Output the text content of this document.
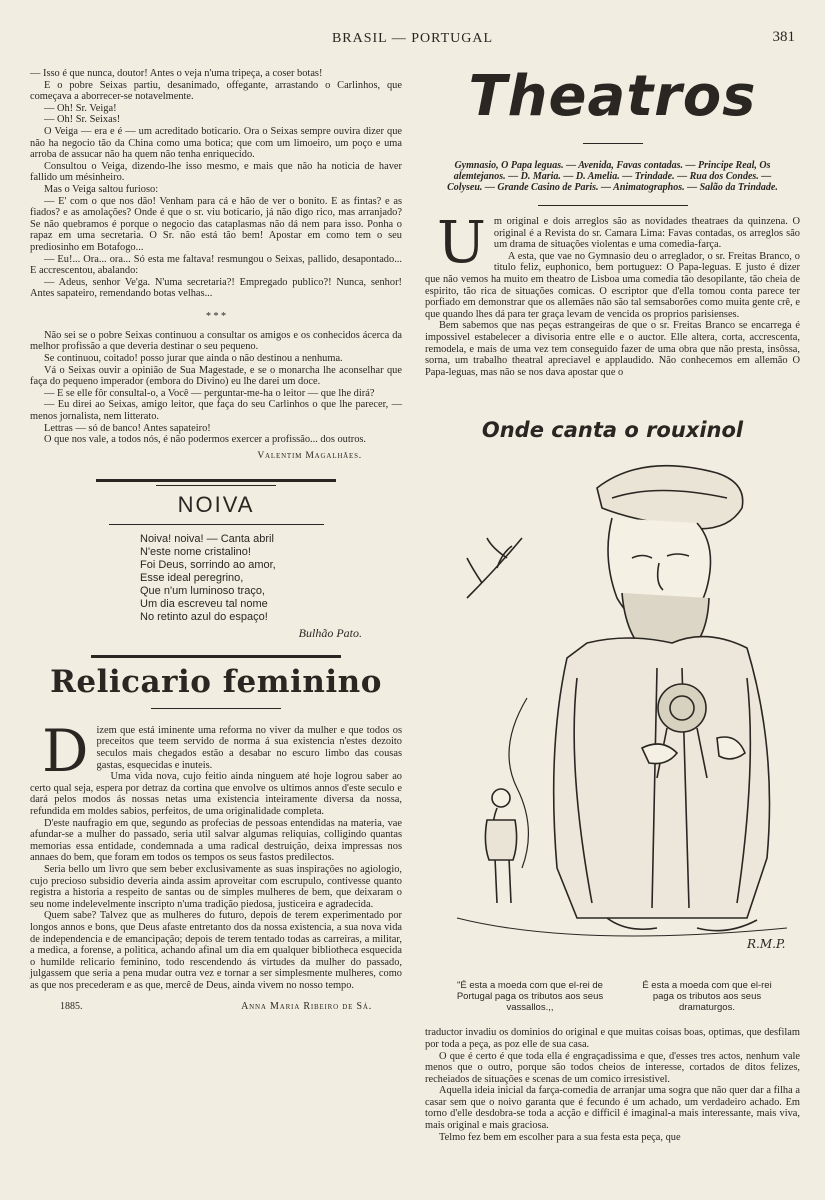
BRASIL — PORTUGAL	381

— Isso é que nunca, doutor! Antes o veja n'uma tripeça, a coser botas!

E o pobre Seixas partiu, desanimado, offegante, arrastando o Carlinhos, que começava a aborrecer-se notavelmente.

— Oh! Sr. Veiga!

— Oh! Sr. Seixas!

O Veiga — era e é — um acreditado boticario. Ora o Seixas sempre ouvira dizer que não ha negocio tão da China como uma botica; que com um limoeiro, um poço e uma arroba de assucar não ha quem não tenha enriquecido.

Consultou o Veiga, dizendo-lhe isso mesmo, e mais que não ha noticia de haver fallido um mésinheiro.

Mas o Veiga saltou furioso:

— E' com o que nos dão! Venham para cá e hão de ver o bonito. E as fintas? e as fiados? e as amolações? Onde é que o sr. viu boticario, já não digo rico, mas arranjado? Se não quebramos é porque o negocio das cataplasmas não dá nem para isso. Ponha o rapaz em uma secretaria. O Sr. não está tão bem! Apostar em como tem o seu prediosinho em Botafogo...

— Eu!... Ora... ora... Só esta me faltava! resmungou o Seixas, pallido, desapontado... E accrescentou, abalando:

— Adeus, senhor Ve'ga. N'uma secretaria?! Empregado publico?! Nunca, senhor! Antes sapateiro, remendando botas velhas...

* * *

Não sei se o pobre Seixas continuou a consultar os amigos e os conhecidos ácerca da melhor profissão a que deveria destinar o seu pequeno.

Se continuou, coitado! posso jurar que ainda o não destinou a nenhuma.

Vá o Seixas ouvir a opinião de Sua Magestade, e se o monarcha lhe aconselhar que faça do pequeno imperador (embora do Divino) eu lhe darei um doce.

— E se elle fôr consultal-o, a Você — perguntar-me-ha o leitor — que lhe dirá?

— Eu direi ao Seixas, amigo leitor, que faça do seu Carlinhos o que lhe parecer, — menos jornalista, nem litterato.

Lettras — só de banco! Antes sapateiro!

O que nos vale, a todos nós, é não podermos exercer a profissão... dos outros.

Valentim Magalhães.
NOIVA
Noiva! noiva! — Canta abril
N'este nome cristalino!
Foi Deus, sorrindo ao amor,
Esse ideal peregrino,
Que n'um luminoso traço,
Um dia escreveu tal nome
No retinto azul do espaço!
Bulhão Pato.
Relicario feminino
D izem que está iminente uma reforma no viver da mulher e que todos os preceitos que teem servido de norma á sua existencia n'estes dezoito seculos mais chegados estão a desabar no escuro limbo das cousas gastas, esquecidas e inuteis.

Uma vida nova, cujo feitio ainda ninguem até hoje logrou saber ao certo qual seja, espera por detraz da cortina que envolve os ultimos annos d'este seculo e dará pelos modos ás nossas netas uma existencia inteiramente diversa da nossa, refundida em moldes sabios, perfeitos, de uma originalidade completa.

D'este naufragio em que, segundo as profecias de pessoas entendidas na materia, vae afundar-se a mulher do passado, seria util salvar algumas reliquias, colligindo quantas memorias essa entidade, condemnada a uma radical destruição, deixa impressas nos annaes do bem, que foram em todos os tempos os seus fastos predilectos.

Seria bello um livro que sem beber exclusivamente as suas inspirações no agiologio, cujo precioso subsidio deveria ainda assim aproveitar com escrupulo, contivesse quanto registra a historia a respeito de santas ou de simples mulheres de bem, que deixaram o seu nome indelevelmente inscripto n'uma tradição piedosa, justiceira e agradecida.

Quem sabe? Talvez que as mulheres do futuro, depois de terem experimentado por longos annos e bons, que Deus afaste entretanto dos da nossa existencia, a sua nova vida de independencia e de emancipação; depois de terem tentado todas as carreiras, a militar, a medica, a forense, a politica, achando afinal um dia em qualquer bibliotheca esquecida o humilde relicario feminino, todo rescendendo ás virtudes da mulher do passado, julgassem que seria a pena mudar outra vez e tornar a ser simplesmente mulheres, como as que nos precederam e as que, mercê de Deus, ainda vivem no nosso tempo.

1885.	Anna Maria Ribeiro de Sá.
Theatros
Gymnasio, O Papa leguas. — Avenida, Favas contadas. — Principe Real, Os alemtejanos. — D. Maria. — D. Amelia. — Trindade. — Rua dos Condes. — Colyseu. — Grande Casino de Paris. — Animatographos. — Salão da Trindade.
U m original e dois arreglos são as novidades theatraes da quinzena. O original é a Revista do sr. Camara Lima: Favas contadas, os arreglos são um drama de situações violentas e uma comedia-farça.

A esta, que vae no Gymnasio deu o arreglador, o sr. Freitas Branco, o titulo feliz, euphonico, bem portuguez: O Papa-leguas. E justo é dizer que não vemos ha muito em theatro de Lisboa uma comedia tão desopilante, tão cheia de espirito, tão rica de situações comicas. O escriptor que d'ella tomou conta parece ter porfiado em demonstrar que os allemães não são tal semsaborões como muita gente crê, e que quando lhes dá para ter graça levam de vencida os proprios parisienses.

Bem sabemos que nas peças estrangeiras de que o sr. Freitas Branco se encarrega é impossivel estabelecer a divisoria entre elle e o auctor. Elle altera, corta, accrescenta, remodela, e mais de uma vez tem conseguido fazer de uma obra que não presta, insôssa, sorna, um trabalho theatral apreciavel e applaudido. Não conhecemos em allemão O Papa-leguas, mas não se nos dava apostar que o

Onde canta o rouxinol
R.M.P.
"É esta a moeda com que el-rei de Portugal paga os tributos aos seus vassallos.,,
É esta a moeda com que el-rei paga os tributos aos seus dramaturgos.

traductor invadiu os dominios do original e que muitas coisas boas, optimas, que desfilam por toda a peça, as poz elle de sua casa.

O que é certo é que toda ella é engraçadissima e que, d'esses tres actos, nenhum vale menos que o outro, porque são todos cheios de interesse, cortados de ditos felizes, recheiados de situações e scenas de um comico irresistivel.

Aquella ideia inicial da farça-comedia de arranjar uma sogra que não quer dar a filha a casar sem que o noivo garanta que é fecundo é um achado, um verdadeiro achado. Em torno d'elle desdobra-se toda a acção e difficil é imaginal-a mais interessante, mais viva, mais original e mais graciosa.

Telmo fez bem em escolher para a sua festa esta peça, que
